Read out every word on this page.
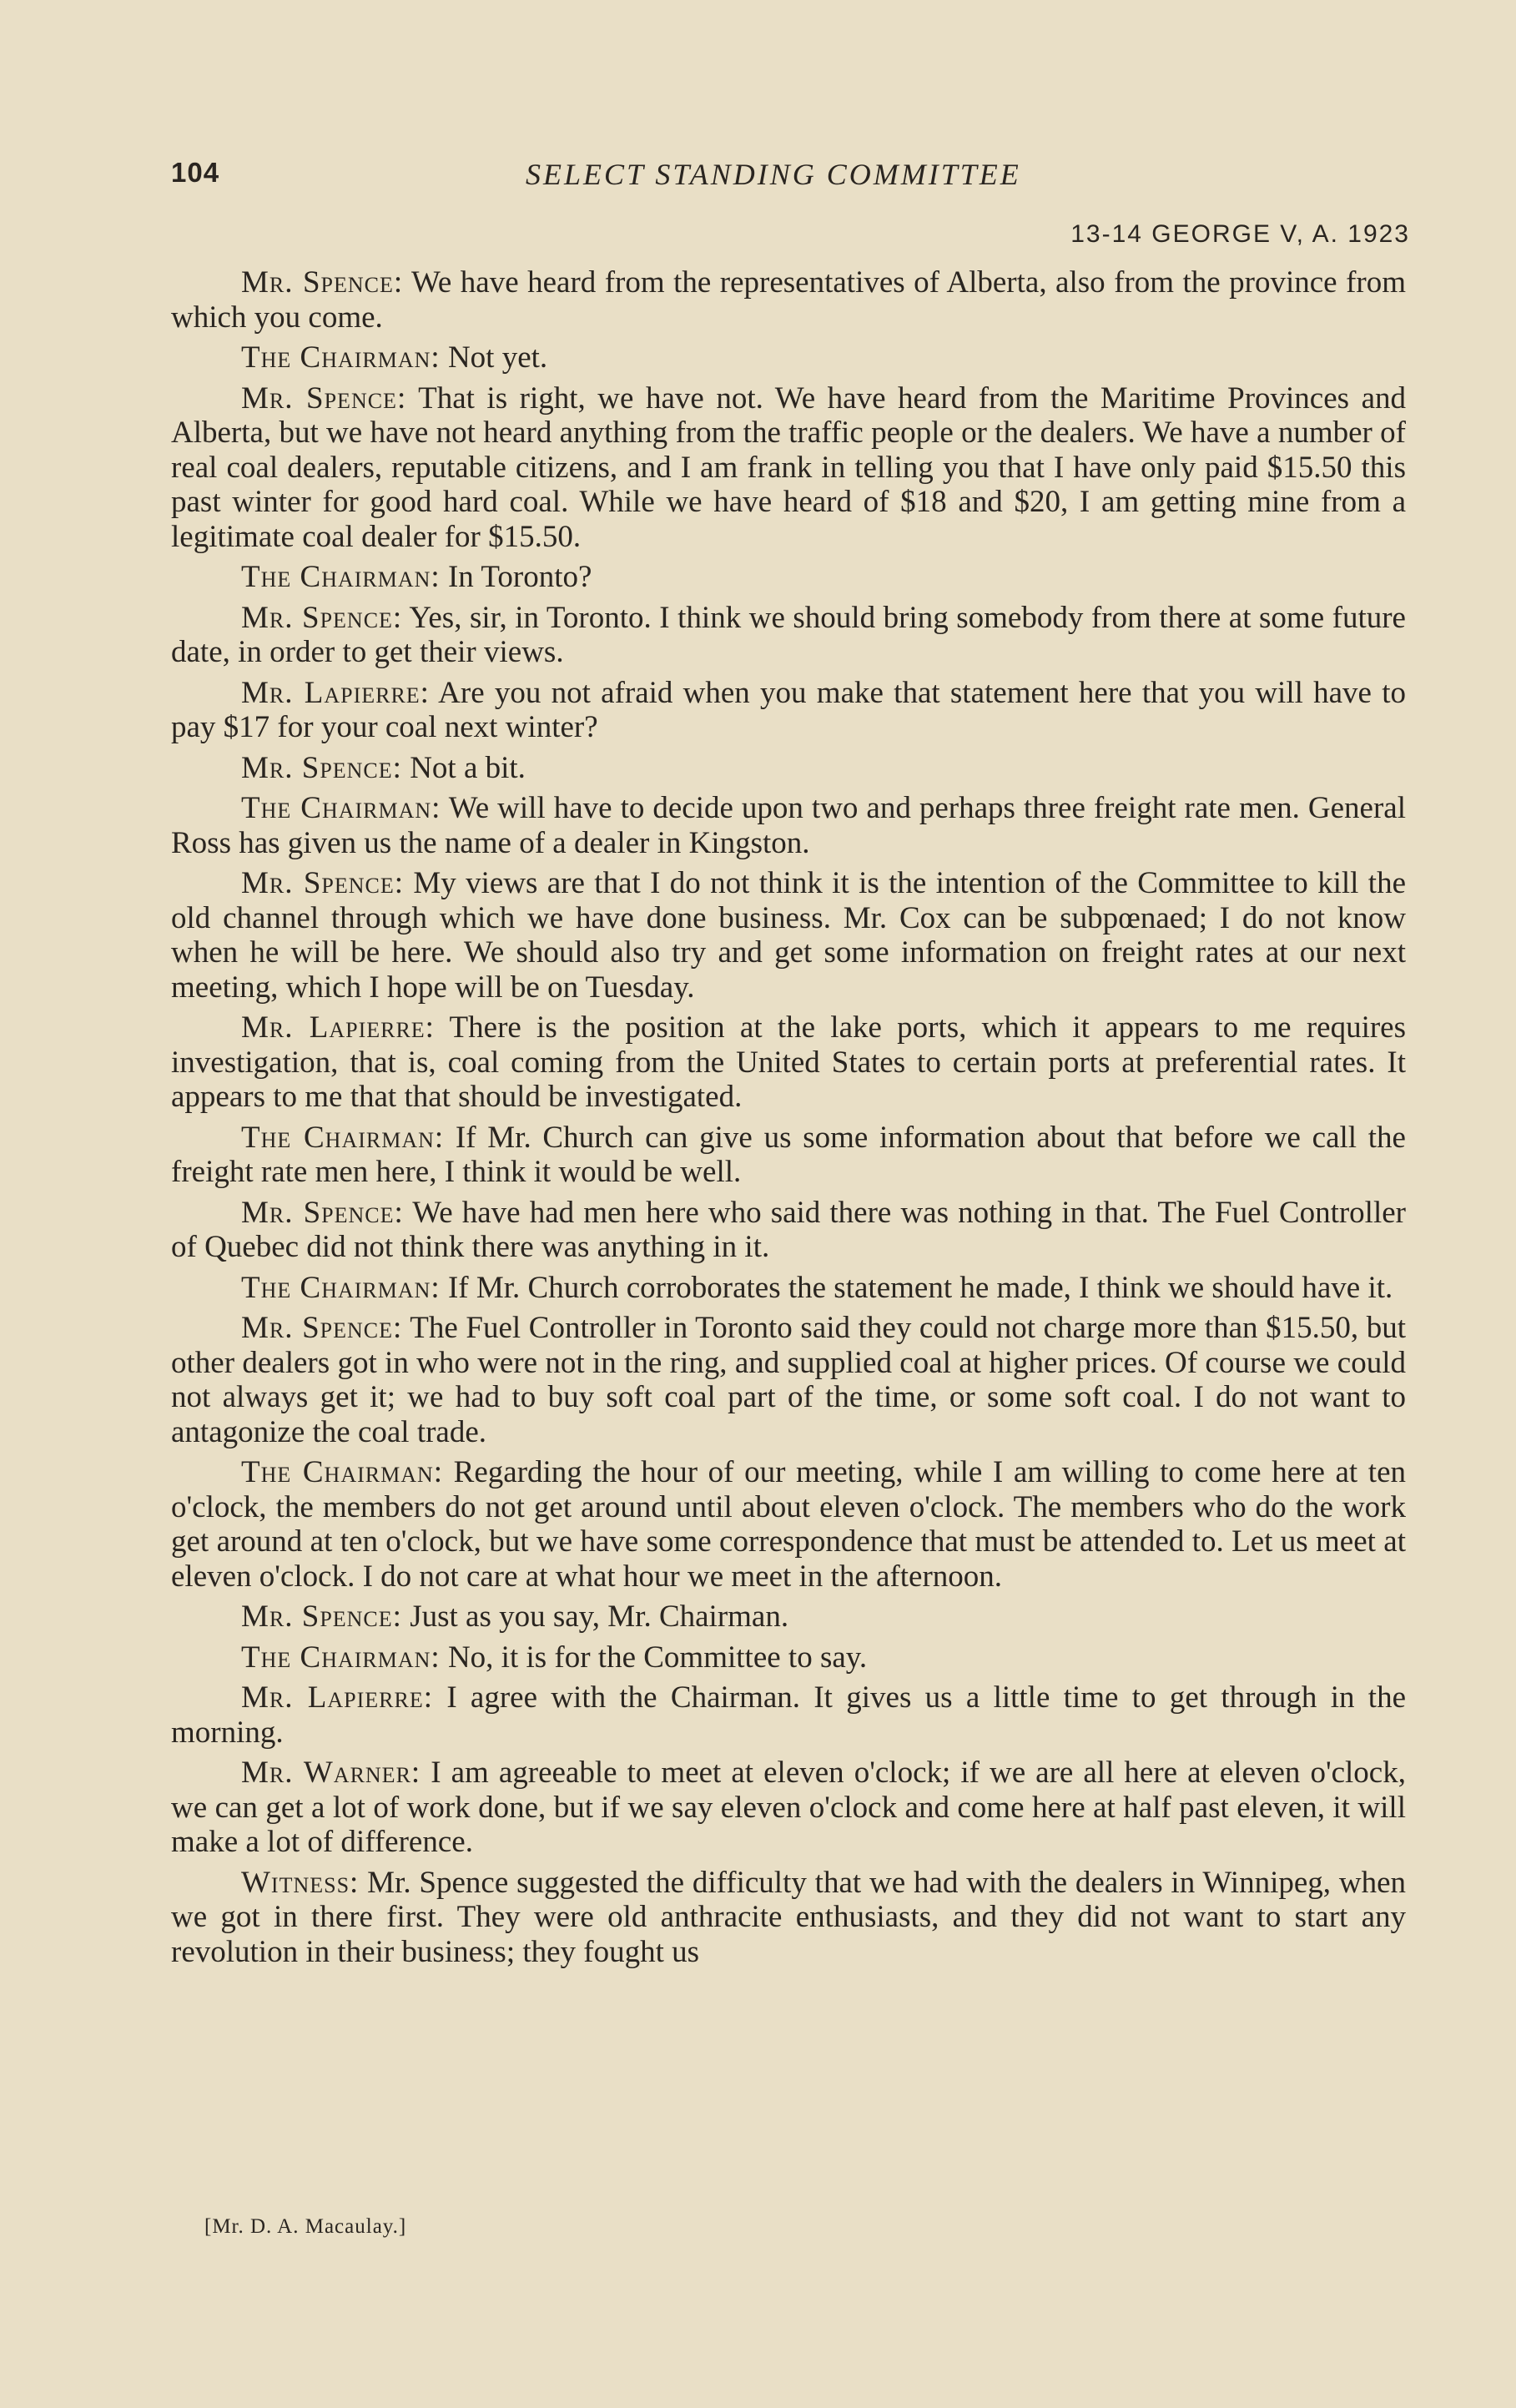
104	SELECT STANDING COMMITTEE
13-14 GEORGE V, A. 1923

Mr. Spence: We have heard from the representatives of Alberta, also from the province from which you come.

The Chairman: Not yet.

Mr. Spence: That is right, we have not. We have heard from the Maritime Provinces and Alberta, but we have not heard anything from the traffic people or the dealers. We have a number of real coal dealers, reputable citizens, and I am frank in telling you that I have only paid $15.50 this past winter for good hard coal. While we have heard of $18 and $20, I am getting mine from a legitimate coal dealer for $15.50.

The Chairman: In Toronto?

Mr. Spence: Yes, sir, in Toronto. I think we should bring somebody from there at some future date, in order to get their views.

Mr. Lapierre: Are you not afraid when you make that statement here that you will have to pay $17 for your coal next winter?

Mr. Spence: Not a bit.

The Chairman: We will have to decide upon two and perhaps three freight rate men. General Ross has given us the name of a dealer in Kingston.

Mr. Spence: My views are that I do not think it is the intention of the Committee to kill the old channel through which we have done business. Mr. Cox can be subpœnaed; I do not know when he will be here. We should also try and get some information on freight rates at our next meeting, which I hope will be on Tuesday.

Mr. Lapierre: There is the position at the lake ports, which it appears to me requires investigation, that is, coal coming from the United States to certain ports at preferential rates. It appears to me that that should be investigated.

The Chairman: If Mr. Church can give us some information about that before we call the freight rate men here, I think it would be well.

Mr. Spence: We have had men here who said there was nothing in that. The Fuel Controller of Quebec did not think there was anything in it.

The Chairman: If Mr. Church corroborates the statement he made, I think we should have it.

Mr. Spence: The Fuel Controller in Toronto said they could not charge more than $15.50, but other dealers got in who were not in the ring, and supplied coal at higher prices. Of course we could not always get it; we had to buy soft coal part of the time, or some soft coal. I do not want to antagonize the coal trade.

The Chairman: Regarding the hour of our meeting, while I am willing to come here at ten o'clock, the members do not get around until about eleven o'clock. The members who do the work get around at ten o'clock, but we have some correspondence that must be attended to. Let us meet at eleven o'clock. I do not care at what hour we meet in the afternoon.

Mr. Spence: Just as you say, Mr. Chairman.

The Chairman: No, it is for the Committee to say.

Mr. Lapierre: I agree with the Chairman. It gives us a little time to get through in the morning.

Mr. Warner: I am agreeable to meet at eleven o'clock; if we are all here at eleven o'clock, we can get a lot of work done, but if we say eleven o'clock and come here at half past eleven, it will make a lot of difference.

Witness: Mr. Spence suggested the difficulty that we had with the dealers in Winnipeg, when we got in there first. They were old anthracite enthusiasts, and they did not want to start any revolution in their business; they fought us

[Mr. D. A. Macaulay.]
